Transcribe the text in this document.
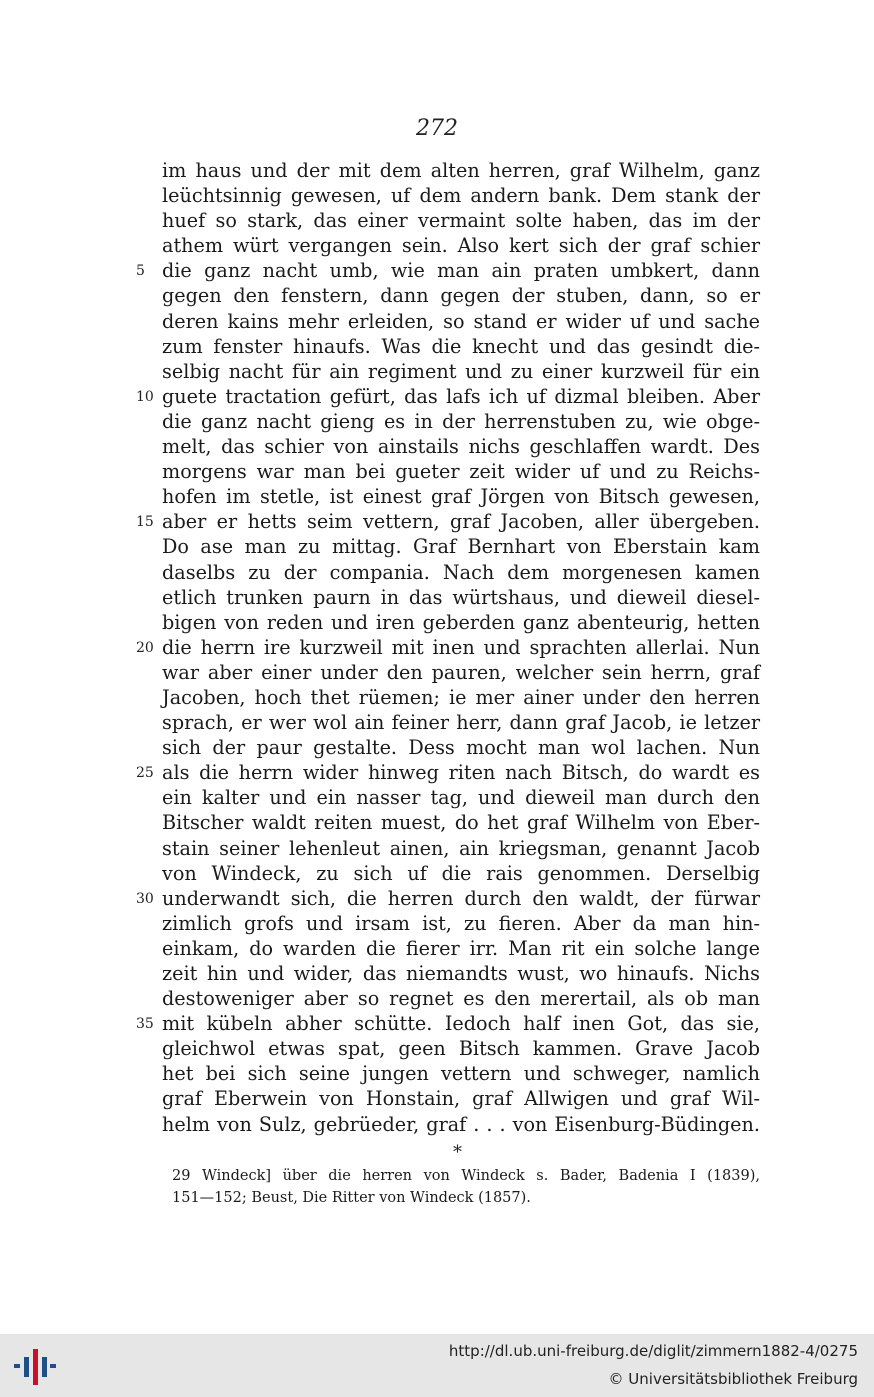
272
im haus und der mit dem alten herren, graf Wilhelm, ganz
leüchtsinnig gewesen, uf dem andern bank. Dem stank der
huef so stark, das einer vermaint solte haben, das im der
athem würt vergangen sein. Also kert sich der graf schier
5 die ganz nacht umb, wie man ain praten umbkert, dann
gegen den fenstern, dann gegen der stuben, dann, so er
deren kains mehr erleiden, so stand er wider uf und sache
zum fenster hinaufs. Was die knecht und das gesindt die-
selbig nacht für ain regiment und zu einer kurzweil für ein
10 guete tractation gefürt, das lafs ich uf dizmal bleiben. Aber
die ganz nacht gieng es in der herrenstuben zu, wie obge-
melt, das schier von ainstails nichs geschlaffen wardt. Des
morgens war man bei gueter zeit wider uf und zu Reichs-
hofen im stetle, ist einest graf Jörgen von Bitsch gewesen,
15 aber er hetts seim vettern, graf Jacoben, aller übergeben.
Do ase man zu mittag. Graf Bernhart von Eberstain kam
daselbs zu der compania. Nach dem morgenesen kamen
etlich trunken paurn in das würtshaus, und dieweil diesel-
bigen von reden und iren geberden ganz abenteurig, hetten
20 die herrn ire kurzweil mit inen und sprachten allerlai. Nun
war aber einer under den pauren, welcher sein herrn, graf
Jacoben, hoch thet rüemen; ie mer ainer under den herren
sprach, er wer wol ain feiner herr, dann graf Jacob, ie letzer
sich der paur gestalte. Dess mocht man wol lachen. Nun
25 als die herrn wider hinweg riten nach Bitsch, do wardt es
ein kalter und ein nasser tag, und dieweil man durch den
Bitscher waldt reiten muest, do het graf Wilhelm von Eber-
stain seiner lehenleut ainen, ain kriegsman, genannt Jacob
von Windeck, zu sich uf die rais genommen. Derselbig
30 underwandt sich, die herren durch den waldt, der fürwar
zimlich grofs und irsam ist, zu fieren. Aber da man hin-
einkam, do warden die fierer irr. Man rit ein solche lange
zeit hin und wider, das niemandts wust, wo hinaufs. Nichs
destoweniger aber so regnet es den merertail, als ob man
35 mit kübeln abher schütte. Iedoch half inen Got, das sie,
gleichwol etwas spat, geen Bitsch kammen. Grave Jacob
het bei sich seine jungen vettern und schweger, namlich
graf Eberwein von Honstain, graf Allwigen und graf Wil-
helm von Sulz, gebrüeder, graf . . . von Eisenburg-Büdingen.
*
29 Windeck] über die herren von Windeck s. Bader, Badenia I (1839),
151—152; Beust, Die Ritter von Windeck (1857).
http://dl.ub.uni-freiburg.de/diglit/zimmern1882-4/0275
© Universitätsbibliothek Freiburg
